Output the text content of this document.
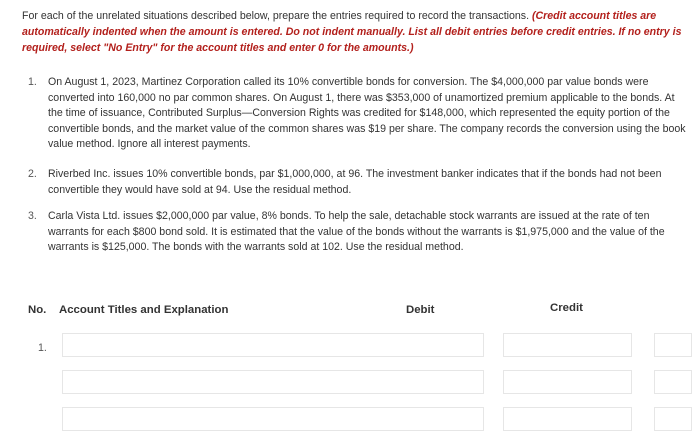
For each of the unrelated situations described below, prepare the entries required to record the transactions. (Credit account titles are automatically indented when the amount is entered. Do not indent manually. List all debit entries before credit entries. If no entry is required, select "No Entry" for the account titles and enter 0 for the amounts.)
1.	On August 1, 2023, Martinez Corporation called its 10% convertible bonds for conversion. The $4,000,000 par value bonds were converted into 160,000 no par common shares. On August 1, there was $353,000 of unamortized premium applicable to the bonds. At the time of issuance, Contributed Surplus—Conversion Rights was credited for $148,000, which represented the equity portion of the convertible bonds, and the market value of the common shares was $19 per share. The company records the conversion using the book value method. Ignore all interest payments.
2.	Riverbed Inc. issues 10% convertible bonds, par $1,000,000, at 96. The investment banker indicates that if the bonds had not been convertible they would have sold at 94. Use the residual method.
3.	Carla Vista Ltd. issues $2,000,000 par value, 8% bonds. To help the sale, detachable stock warrants are issued at the rate of ten warrants for each $800 bond sold. It is estimated that the value of the bonds without the warrants is $1,975,000 and the value of the warrants is $125,000. The bonds with the warrants sold at 102. Use the residual method.
No. Account Titles and Explanation	Debit	Credit
1.
